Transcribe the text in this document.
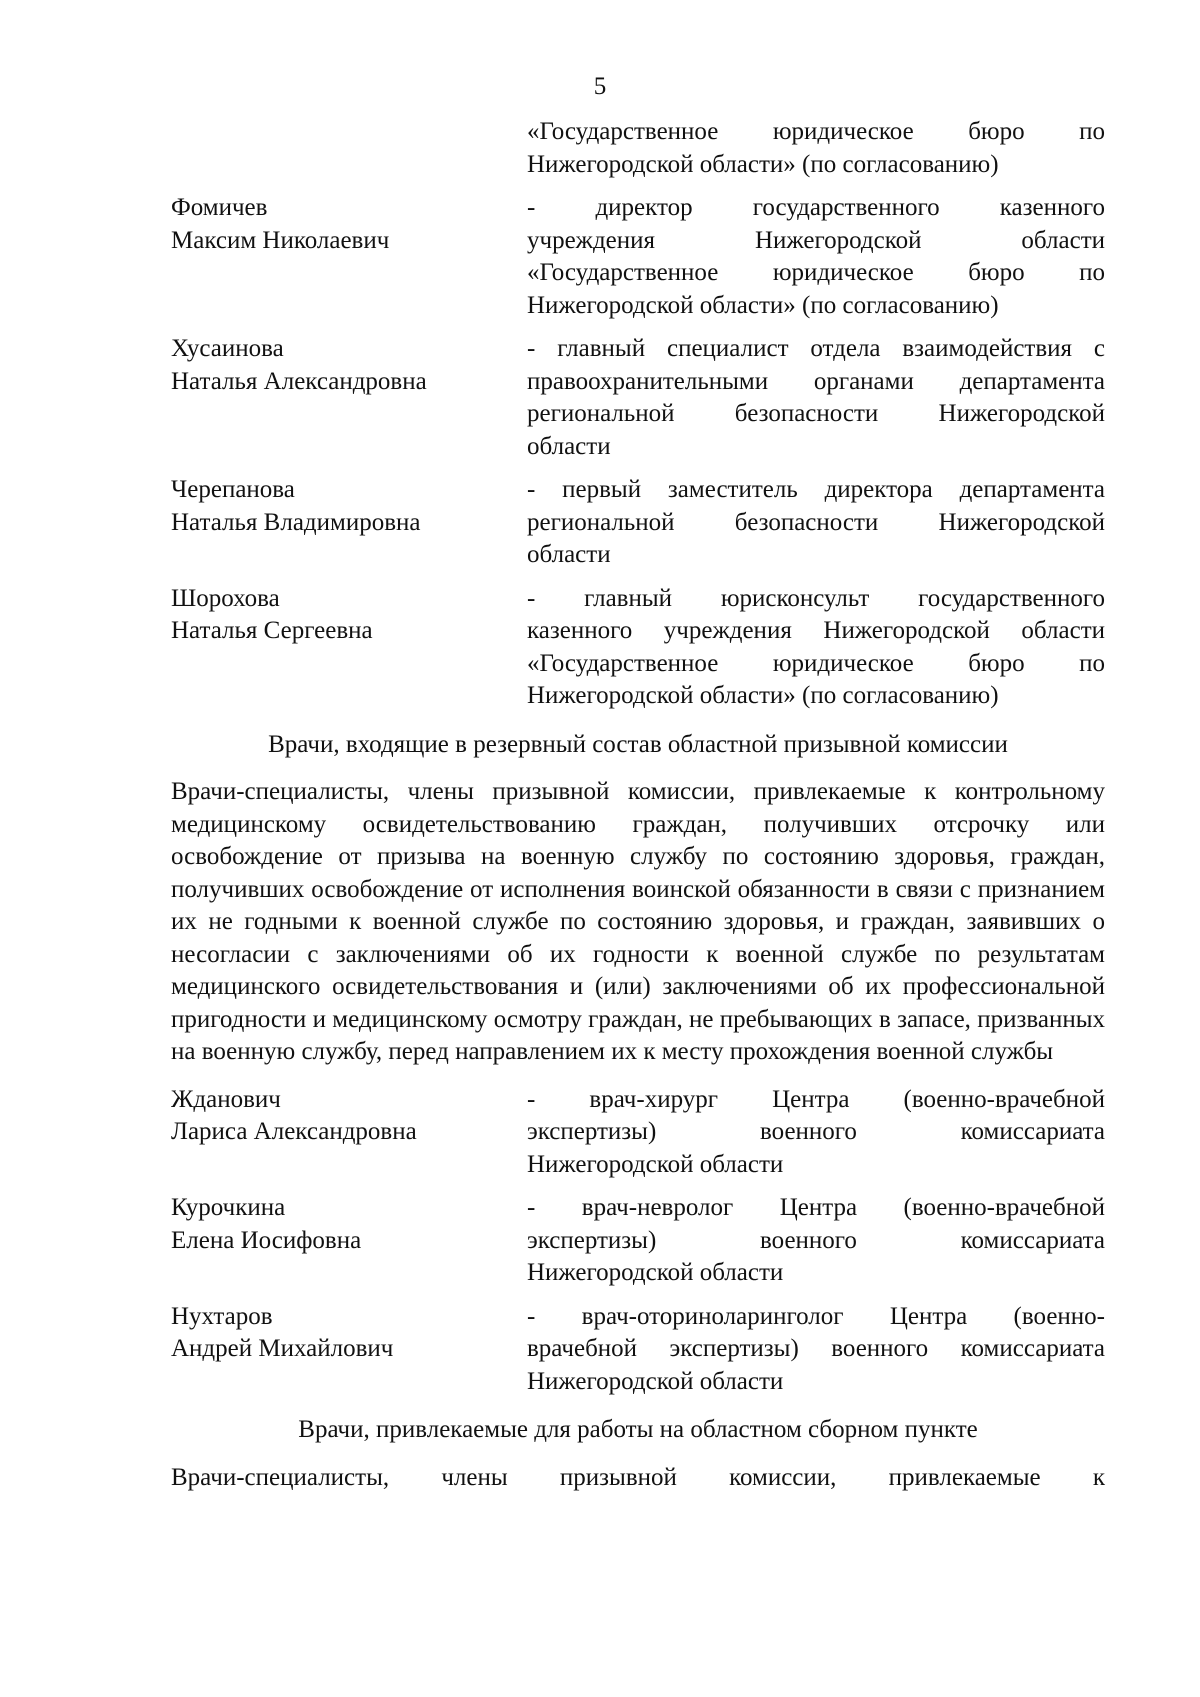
5
«Государственное юридическое бюро по
Нижегородской области» (по согласованию)
Фомичев
Максим Николаевич
- директор государственного казенного
учреждения Нижегородской области
«Государственное юридическое бюро по
Нижегородской области» (по согласованию)
Хусаинова
Наталья Александровна
- главный специалист отдела взаимодействия с
правоохранительными органами департамента
региональной безопасности Нижегородской
области
Черепанова
Наталья Владимировна
- первый заместитель директора департамента
региональной безопасности Нижегородской
области
Шорохова
Наталья Сергеевна
- главный юрисконсульт государственного
казенного учреждения Нижегородской области
«Государственное юридическое бюро по
Нижегородской области» (по согласованию)
Врачи, входящие в резервный состав областной призывной комиссии
Врачи-специалисты, члены призывной комиссии, привлекаемые к контрольному медицинскому освидетельствованию граждан, получивших отсрочку или освобождение от призыва на военную службу по состоянию здоровья, граждан, получивших освобождение от исполнения воинской обязанности в связи с признанием их не годными к военной службе по состоянию здоровья, и граждан, заявивших о несогласии с заключениями об их годности к военной службе по результатам медицинского освидетельствования и (или) заключениями об их профессиональной пригодности и медицинскому осмотру граждан, не пребывающих в запасе, призванных на военную службу, перед направлением их к месту прохождения военной службы
Жданович
Лариса Александровна
- врач-хирург Центра (военно-врачебной
экспертизы) военного комиссариата
Нижегородской области
Курочкина
Елена Иосифовна
- врач-невролог Центра (военно-врачебной
экспертизы) военного комиссариата
Нижегородской области
Нухтаров
Андрей Михайлович
- врач-оториноларинголог Центра (военно-
врачебной экспертизы) военного комиссариата
Нижегородской области
Врачи, привлекаемые для работы на областном сборном пункте
Врачи-специалисты, члены призывной комиссии, привлекаемые к
